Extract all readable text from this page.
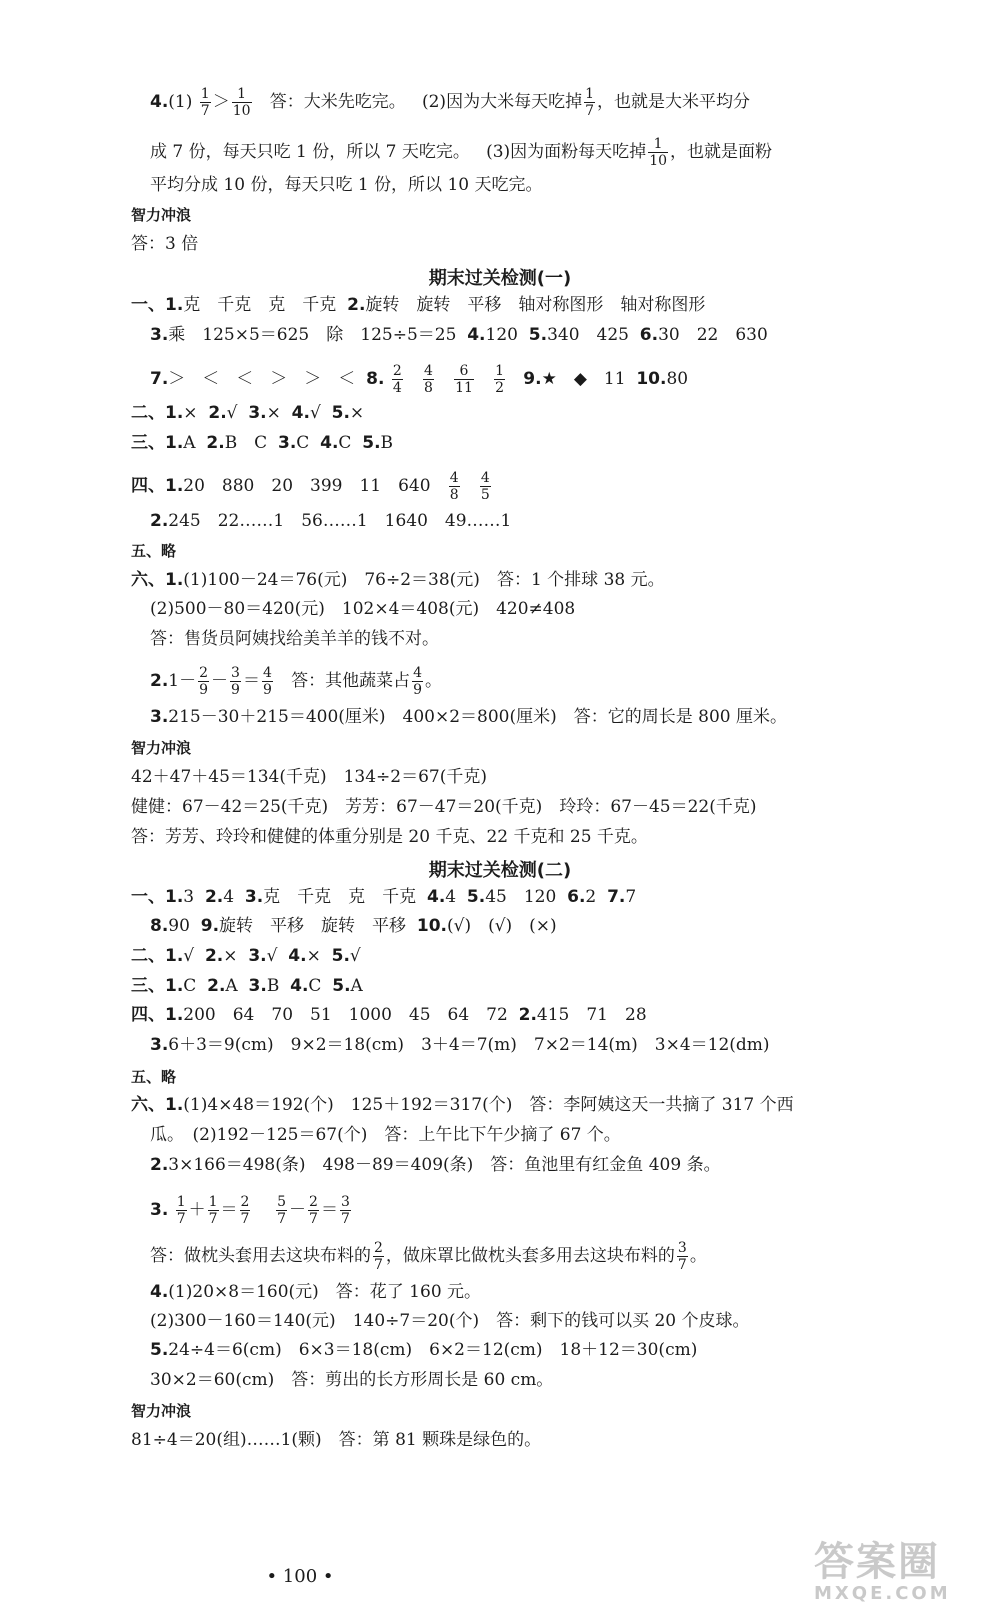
$4.(1) \frac{1}{7} > \frac{1}{10}$ 答：大米先吃完。 (2)因为大米每天吃掉 $\frac{1}{7}$ ，也就是大米平均分
成 7 份，每天只吃 1 份，所以 7 天吃完。 (3)因为面粉每天吃掉 $\frac{1}{10}$ ，也就是面粉
平均分成 10 份，每天只吃 1 份，所以 10 天吃完。
智力冲浪
答：3 倍
期末过关检测(一)
一、1.克　千克　克　千克 2.旋转　旋转　平移　轴对称图形　轴对称图形
3.乘　125×5＝625　除　125÷5＝25 4.120 5.340　425 6.30　22　630
7.＞　＜　＜　＞　＞　＜ 8. $\frac{2}{4}$
$\frac{4}{8}$
$\frac{6}{11}$
$\frac{1}{2}$ 9.★　◆　11 10.80
二、1.× 2.√ 3.× 4.√ 5.×
三、1.A 2.B　C 3.C 4.C 5.B
四、1.20　880　20　399　11　$640 \frac{4}{8}$
$\frac{4}{5}$
2.245　22……1　56……1　1640　49……1
五、略
六、1.(1)100－24＝76(元)　76÷2＝38(元)　答：1 个排球 38 元。
(2)500－80＝420(元)　102×4＝408(元)　420≠408
答：售货员阿姨找给美羊羊的钱不对。
$2.1- \frac{2}{9} - \frac{3}{9} = \frac{4}{9}$ 答：其他蔬菜占 $\frac{4}{9}$ 。
3.215－30＋215＝400(厘米)　400×2＝800(厘米)　答：它的周长是 800 厘米。
智力冲浪
42＋47＋45＝134(千克)　134÷2＝67(千克)
健健：67－42＝25(千克)　芳芳：67－47＝20(千克)　玲玲：67－45＝22(千克)
答：芳芳、玲玲和健健的体重分别是 20 千克、22 千克和 25 千克。
期末过关检测(二)
一、1.3 2.4 3.克　千克　克　千克 4.4 5.45　120 6.2 7.7
8.90 9.旋转　平移　旋转　平移 10.(√)　(√)　(×)
二、1.√ 2.× 3.√ 4.× 5.√
三、1.C 2.A 3.B 4.C 5.A
四、1.200　64　70　51　1000　45　64　72 2.415　71　28
3.6＋3＝9(cm)　9×2＝18(cm)　3＋4＝7(m)　7×2＝14(m)　3×4＝12(dm)
五、略
六、1.(1)4×48＝192(个)　125＋192＝317(个)　答：李阿姨这天一共摘了 317 个西
瓜。　(2)192－125＝67(个)　答：上午比下午少摘了 67 个。
2.3×166＝498(条)　498－89＝409(条)　答：鱼池里有红金鱼 409 条。
3. $\frac{1}{7} + \frac{1}{7} = \frac{2}{7}$
$\frac{5}{7} - \frac{2}{7} = \frac{3}{7}$
答：做枕头套用去这块布料的 $\frac{2}{7}$ ，做床罩比做枕头套多用去这块布料的 $\frac{3}{7}$ 。
4.(1)20×8＝160(元)　答：花了 160 元。
(2)300－160＝140(元)　140÷7＝20(个)　答：剩下的钱可以买 20 个皮球。
5.24÷4＝6(cm)　6×3＝18(cm)　6×2＝12(cm)　18＋12＝30(cm)
30×2＝60(cm)　答：剪出的长方形周长是 60 cm。
智力冲浪
81÷4＝20(组)……1(颗)　答：第 81 颗珠是绿色的。
• 100 •	答案圈
MXQE.COM
